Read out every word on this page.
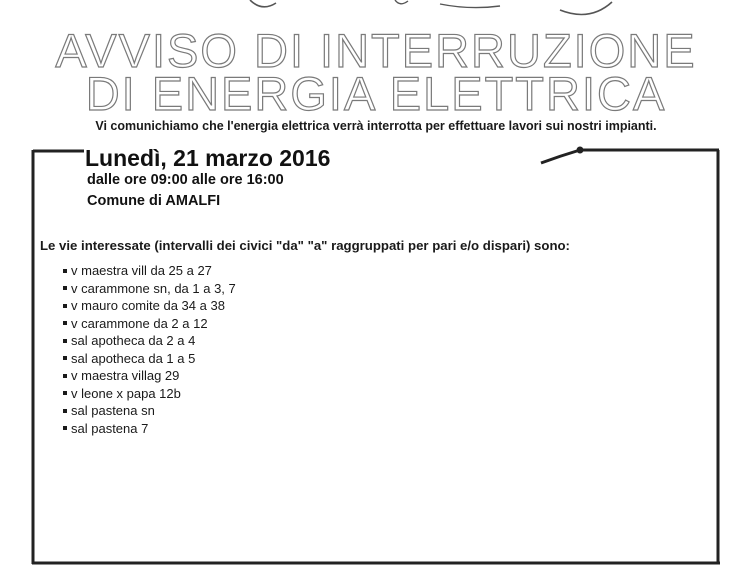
AVVISO DI INTERRUZIONE
DI ENERGIA ELETTRICA
Vi comunichiamo che l'energia elettrica verrà interrotta per effettuare lavori sui nostri impianti.
Lunedì, 21 marzo 2016
dalle ore 09:00 alle ore 16:00
Comune di AMALFI
Le vie interessate (intervalli dei civici "da" "a" raggruppati per pari e/o dispari) sono:
v maestra vill da 25 a 27
v carammone sn, da 1 a 3, 7
v mauro comite da 34 a 38
v carammone da 2 a 12
sal apotheca da 2 a 4
sal apotheca da 1 a 5
v maestra villag 29
v leone x papa 12b
sal pastena sn
sal pastena 7
